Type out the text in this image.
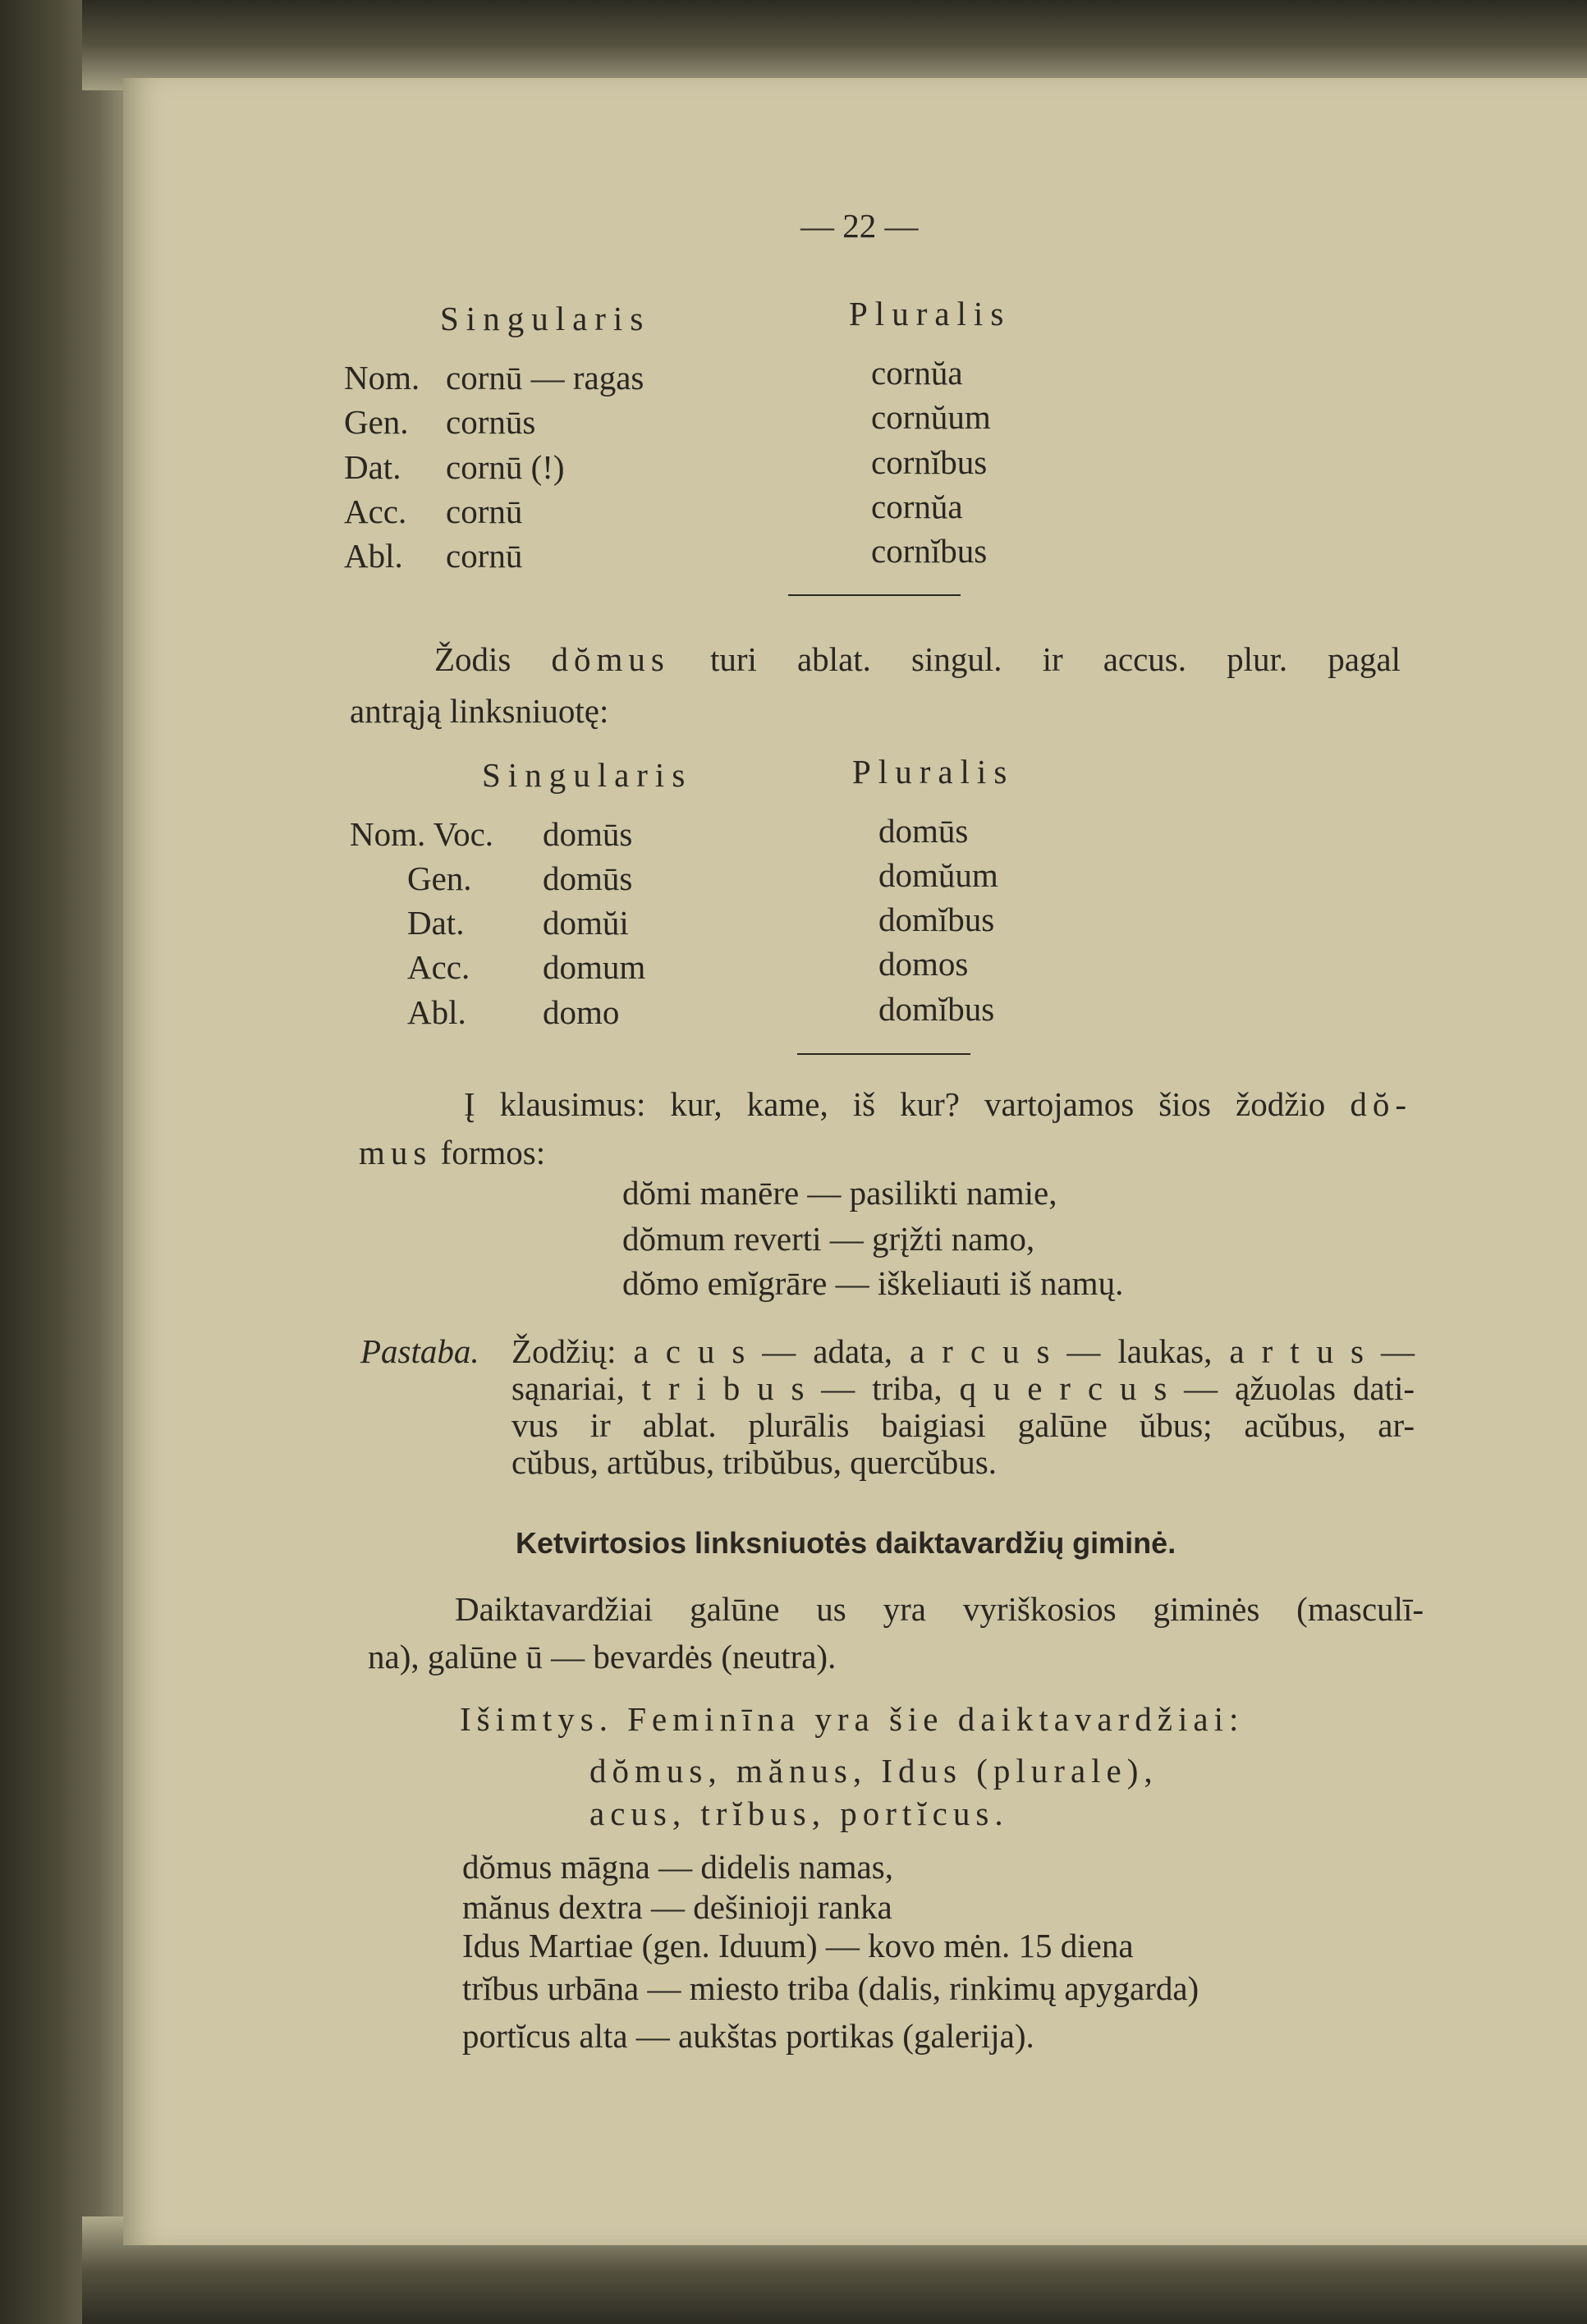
— 22 —
Singularis	Pluralis
Nom. cornū — ragas	cornŭa
Gen. cornūs	cornŭum
Dat. cornū (!)	cornĭbus
Acc. cornū	cornŭa
Abl. cornū	cornĭbus
Žodis dŏmus turi ablat. singul. ir accus. plur. pagal
antrąją linksniuotę:
Singularis	Pluralis
Nom. Voc. domūs	domūs
Gen. domūs	domŭum
Dat. domŭi	domĭbus
Acc. domum	domos
Abl. domo	domĭbus
Į klausimus: kur, kame, iš kur? vartojamos šios žodžio dŏ-
mus formos:
dŏmi manēre — pasilikti namie,
dŏmum reverti — grįžti namo,
dŏmo emĭgrāre — iškeliauti iš namų.
Pastaba. Žodžių: a c u s — adata, a r c u s — laukas, a r t u s —
sąnariai, t r i b u s — triba, q u e r c u s — ąžuolas dati-
vus ir ablat. plurālis baigiasi galūne ŭbus; acŭbus, ar-
cŭbus, artŭbus, tribŭbus, quercŭbus.
Ketvirtosios linksniuotės daiktavardžių giminė.
Daiktavardžiai galūne us yra vyriškosios giminės (masculī-
na), galūne ū — bevardės (neutra).
Išimtys. Feminīna yra šie daiktavardžiai:
dŏmus, mănus, Idus (plurale),
acus, trĭbus, portĭcus.
dŏmus māgna — didelis namas,
mănus dextra — dešinioji ranka
Idus Martiae (gen. Iduum) — kovo mėn. 15 diena
trĭbus urbāna — miesto triba (dalis, rinkimų apygarda)
portĭcus alta — aukštas portikas (galerija).
